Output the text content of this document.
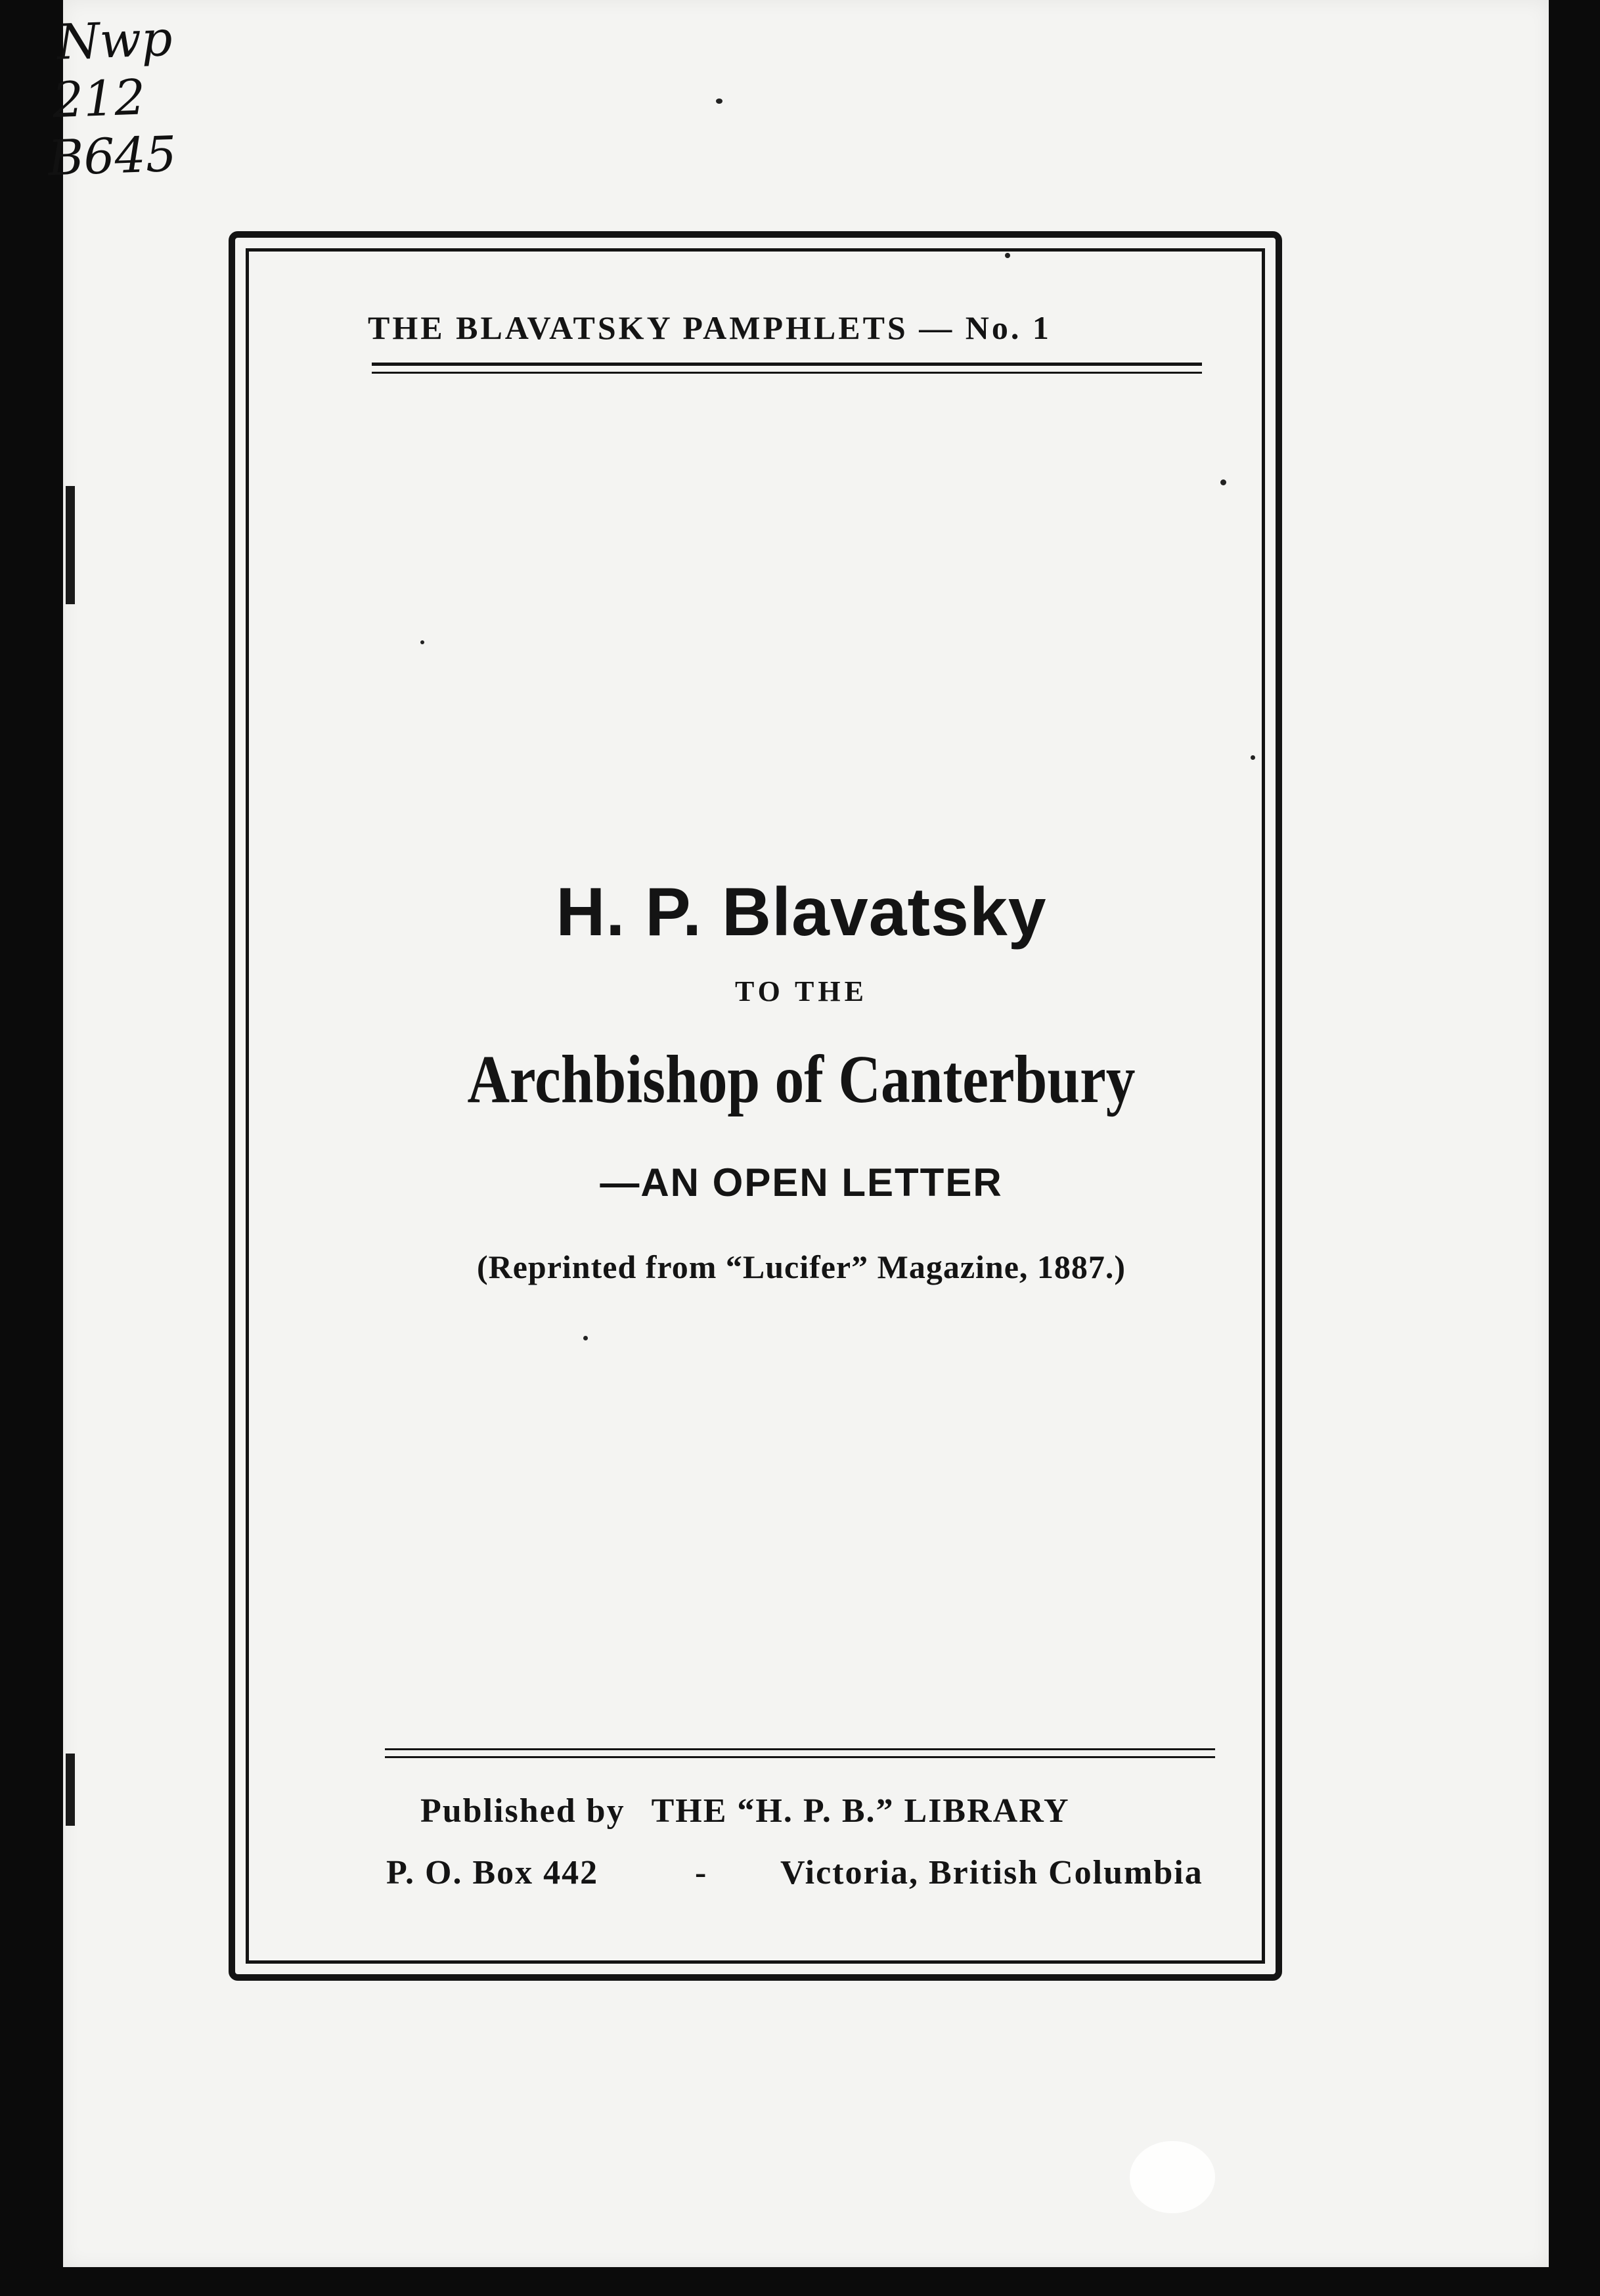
Nwp
212
B645
THE BLAVATSKY PAMPHLETS — No. 1
H. P. Blavatsky
TO THE
Archbishop of Canterbury
—AN OPEN LETTER
(Reprinted from “Lucifer” Magazine, 1887.)
Published by THE “H. P. B.” LIBRARY
P. O. Box 442	- Victoria, British Columbia
